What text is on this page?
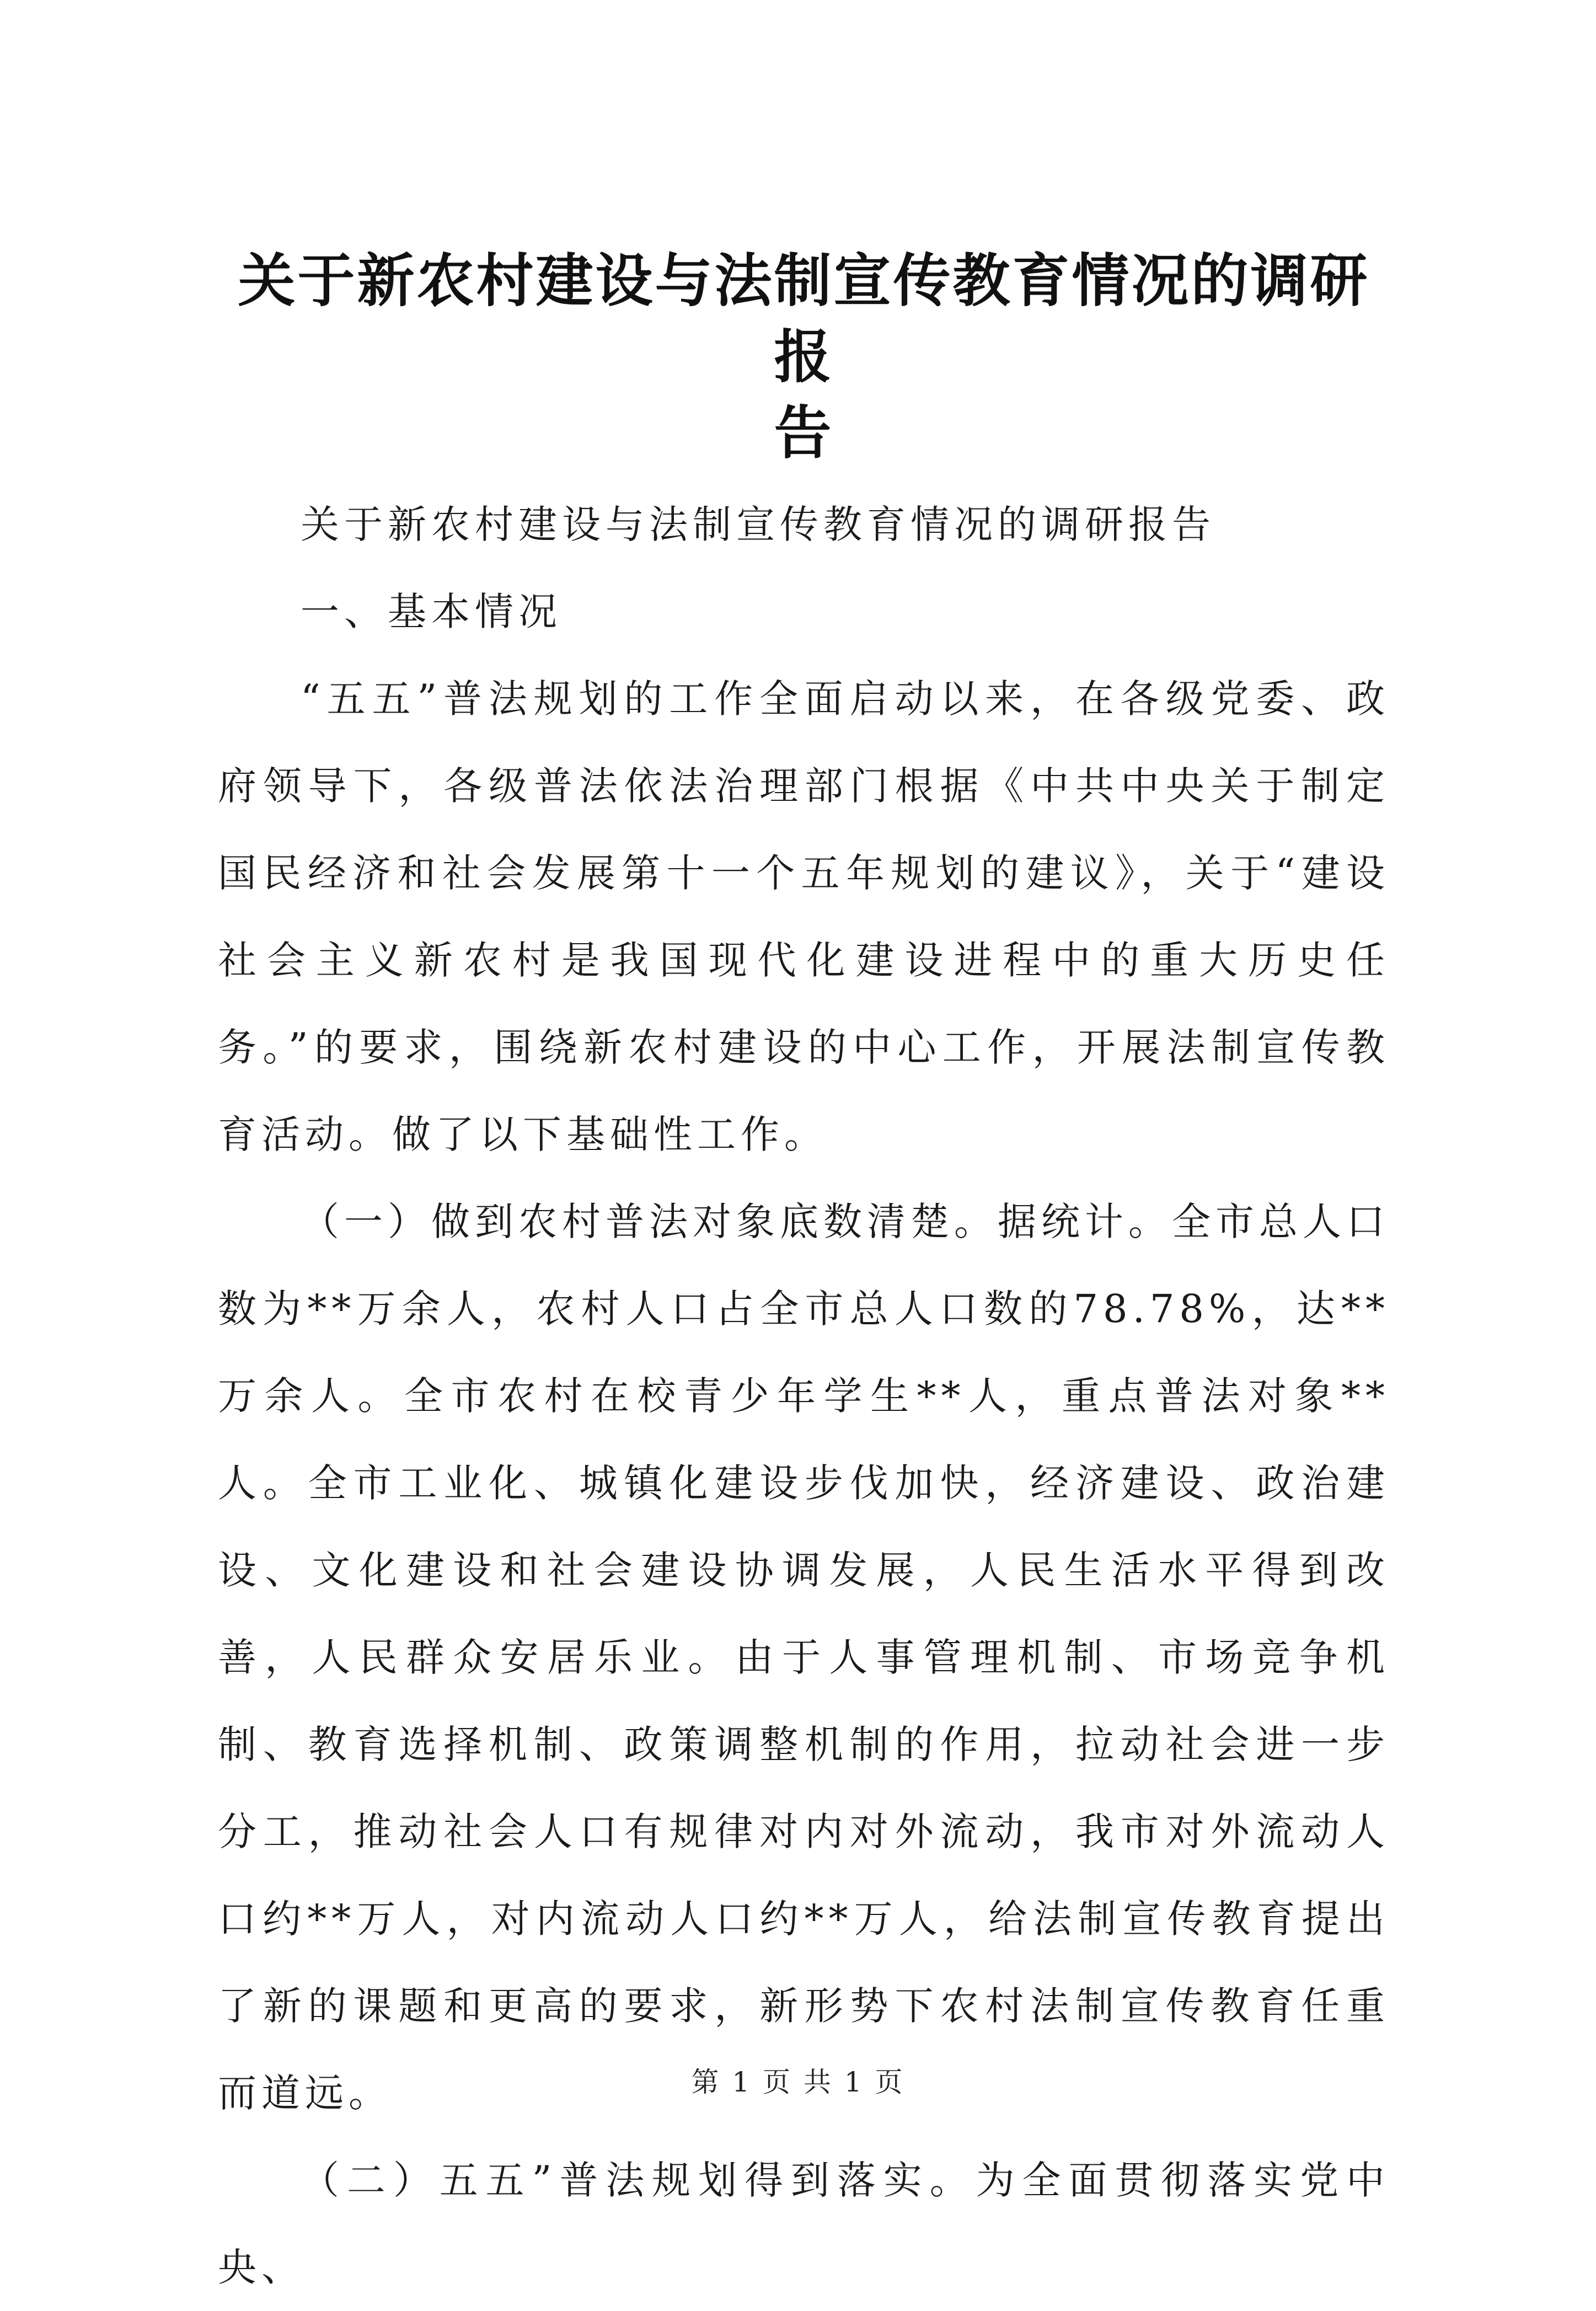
关于新农村建设与法制宣传教育情况的调研报
告

关于新农村建设与法制宣传教育情况的调研报告

一、基本情况

“五五”普法规划的工作全面启动以来，在各级党委、政府领导下，各级普法依法治理部门根据《中共中央关于制定国民经济和社会发展第十一个五年规划的建议》，关于“建设社会主义新农村是我国现代化建设进程中的重大历史任务。”的要求，围绕新农村建设的中心工作，开展法制宣传教育活动。做了以下基础性工作。

（一）做到农村普法对象底数清楚。据统计。全市总人口数为**万余人，农村人口占全市总人口数的78.78%，达**万余人。全市农村在校青少年学生**人，重点普法对象**人。全市工业化、城镇化建设步伐加快，经济建设、政治建设、文化建设和社会建设协调发展，人民生活水平得到改善，人民群众安居乐业。由于人事管理机制、市场竞争机制、教育选择机制、政策调整机制的作用，拉动社会进一步分工，推动社会人口有规律对内对外流动，我市对外流动人口约**万人，对内流动人口约**万人，给法制宣传教育提出了新的课题和更高的要求，新形势下农村法制宣传教育任重而道远。

（二）五五”普法规划得到落实。为全面贯彻落实党中央、

第 1 页 共 1 页
